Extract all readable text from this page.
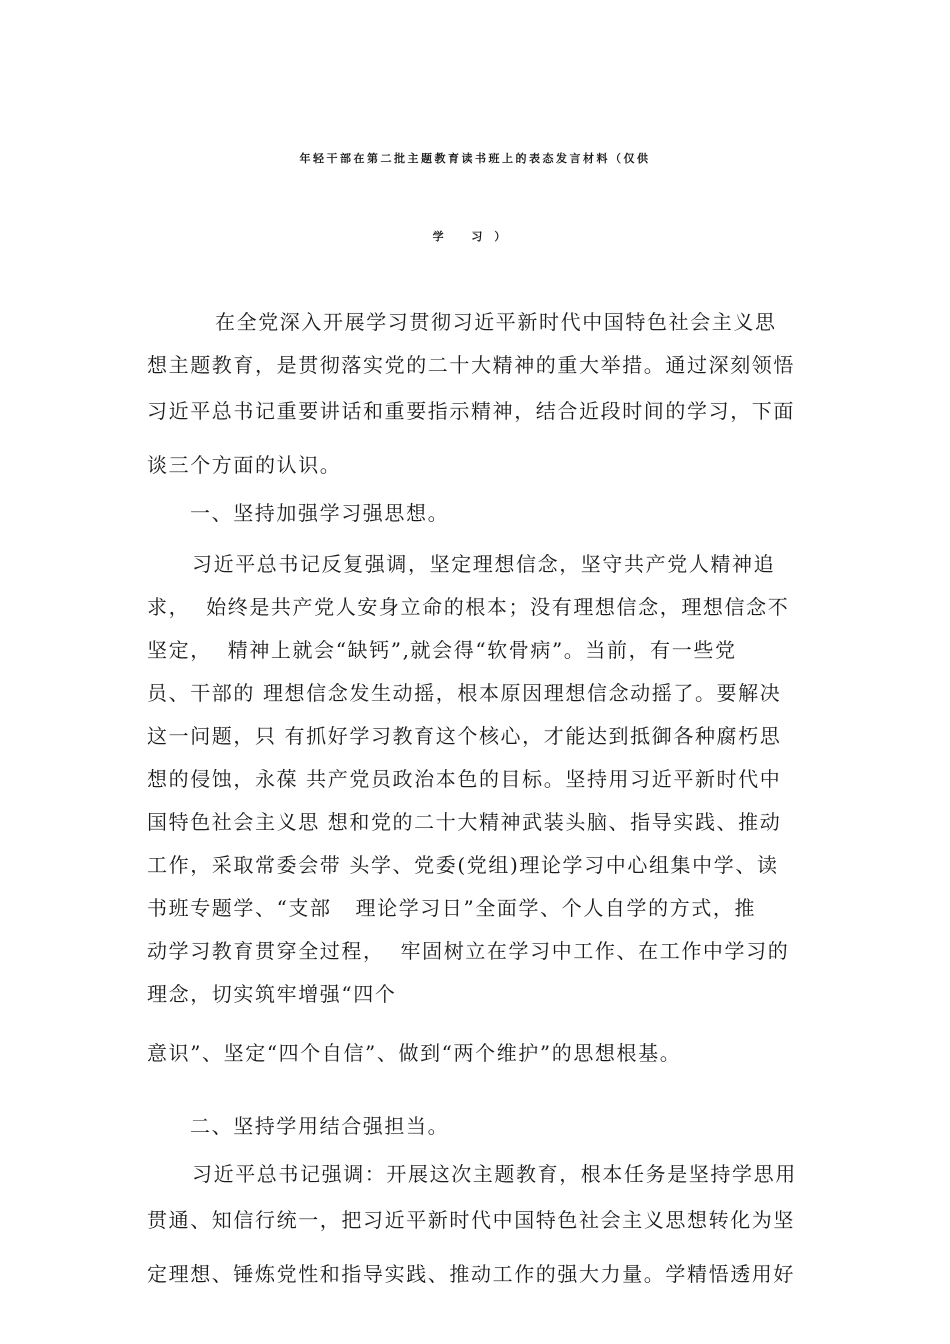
年轻干部在第二批主题教育读书班上的表态发言材料（仅供
学 习）
在全党深入开展学习贯彻习近平新时代中国特色社会主义思
想主题教育，是贯彻落实党的二十大精神的重大举措。通过深刻领悟
习近平总书记重要讲话和重要指示精神，结合近段时间的学习，下面
谈三个方面的认识。
一、坚持加强学习强思想。
习近平总书记反复强调，坚定理想信念，坚守共产党人精神追
求，  始终是共产党人安身立命的根本；没有理想信念，理想信念不
坚定，  精神上就会“缺钙”,就会得“软骨病”。当前，有一些党
员、干部的 理想信念发生动摇，根本原因理想信念动摇了。要解决
这一问题，只 有抓好学习教育这个核心，才能达到抵御各种腐朽思
想的侵蚀，永葆 共产党员政治本色的目标。坚持用习近平新时代中
国特色社会主义思 想和党的二十大精神武装头脑、指导实践、推动
工作，采取常委会带 头学、党委(党组)理论学习中心组集中学、读
书班专题学、“支部   理论学习日”全面学、个人自学的方式，推
动学习教育贯穿全过程，  牢固树立在学习中工作、在工作中学习的
理念，切实筑牢增强“四个
意识”、坚定“四个自信”、做到“两个维护”的思想根基。
二、坚持学用结合强担当。
习近平总书记强调：开展这次主题教育，根本任务是坚持学思用
贯通、知信行统一，把习近平新时代中国特色社会主义思想转化为坚
定理想、锤炼党性和指导实践、推动工作的强大力量。学精悟透用好
